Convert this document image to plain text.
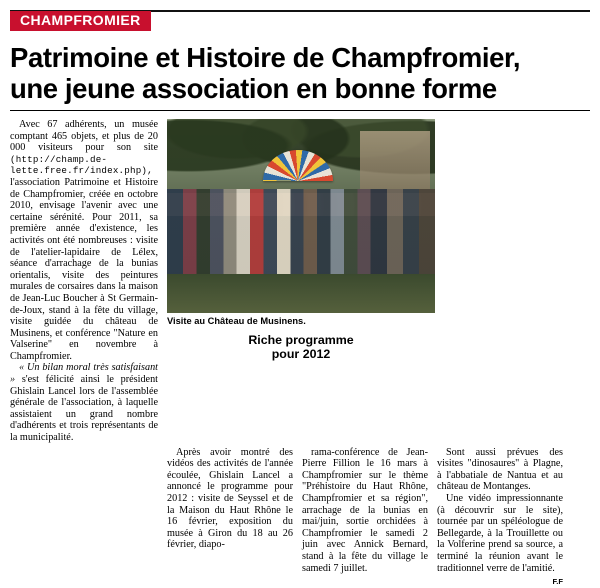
CHAMPFROMIER
Patrimoine et Histoire de Champfromier,
une jeune association en bonne forme

Avec 67 adhérents, un musée comptant 465 objets, et plus de 20 000 visiteurs pour son site (http://champ.de-lette.free.fr/index.php), l'association Patrimoine et Histoire de Champfromier, créée en octobre 2010, envisage l'avenir avec une certaine sérénité. Pour 2011, sa première année d'existence, les activités ont été nombreuses : visite de l'atelier-lapidaire de Lélex, séance d'arrachage de la bunias orientalis, visite des peintures murales de corsaires dans la maison de Jean-Luc Boucher à St Germain-de-Joux, stand à la fête du village, visite guidée du château de Musinens, et conférence "Nature en Valserine" en novembre à Champfromier.

« Un bilan moral très satisfaisant » s'est félicité ainsi le président Ghislain Lancel lors de l'assemblée générale de l'association, à laquelle assistaient un grand nombre d'adhérents et trois représentants de la municipalité.

Visite au Château de Musinens.
Riche programme
pour 2012

Après avoir montré des vidéos des activités de l'année écoulée, Ghislain Lancel a annoncé le programme pour 2012 : visite de Seyssel et de la Maison du Haut Rhône le 16 février, exposition du musée à Giron du 18 au 26 février, diapo-

rama-conférence de Jean-Pierre Fillion le 16 mars à Champfromier sur le thème "Préhistoire du Haut Rhône, Champfromier et sa région", arrachage de la bunias en mai/juin, sortie orchidées à Champfromier le samedi 2 juin avec Annick Bernard, stand à la fête du village le samedi 7 juillet.

Sont aussi prévues des visites "dinosaures" à Plagne, à l'abbatiale de Nantua et au château de Montanges.

Une vidéo impressionnante (à découvrir sur le site), tournée par un spéléologue de Bellegarde, à la Trouillette ou la Volferine prend sa source, a terminé la réunion avant le traditionnel verre de l'amitié.

F.F
